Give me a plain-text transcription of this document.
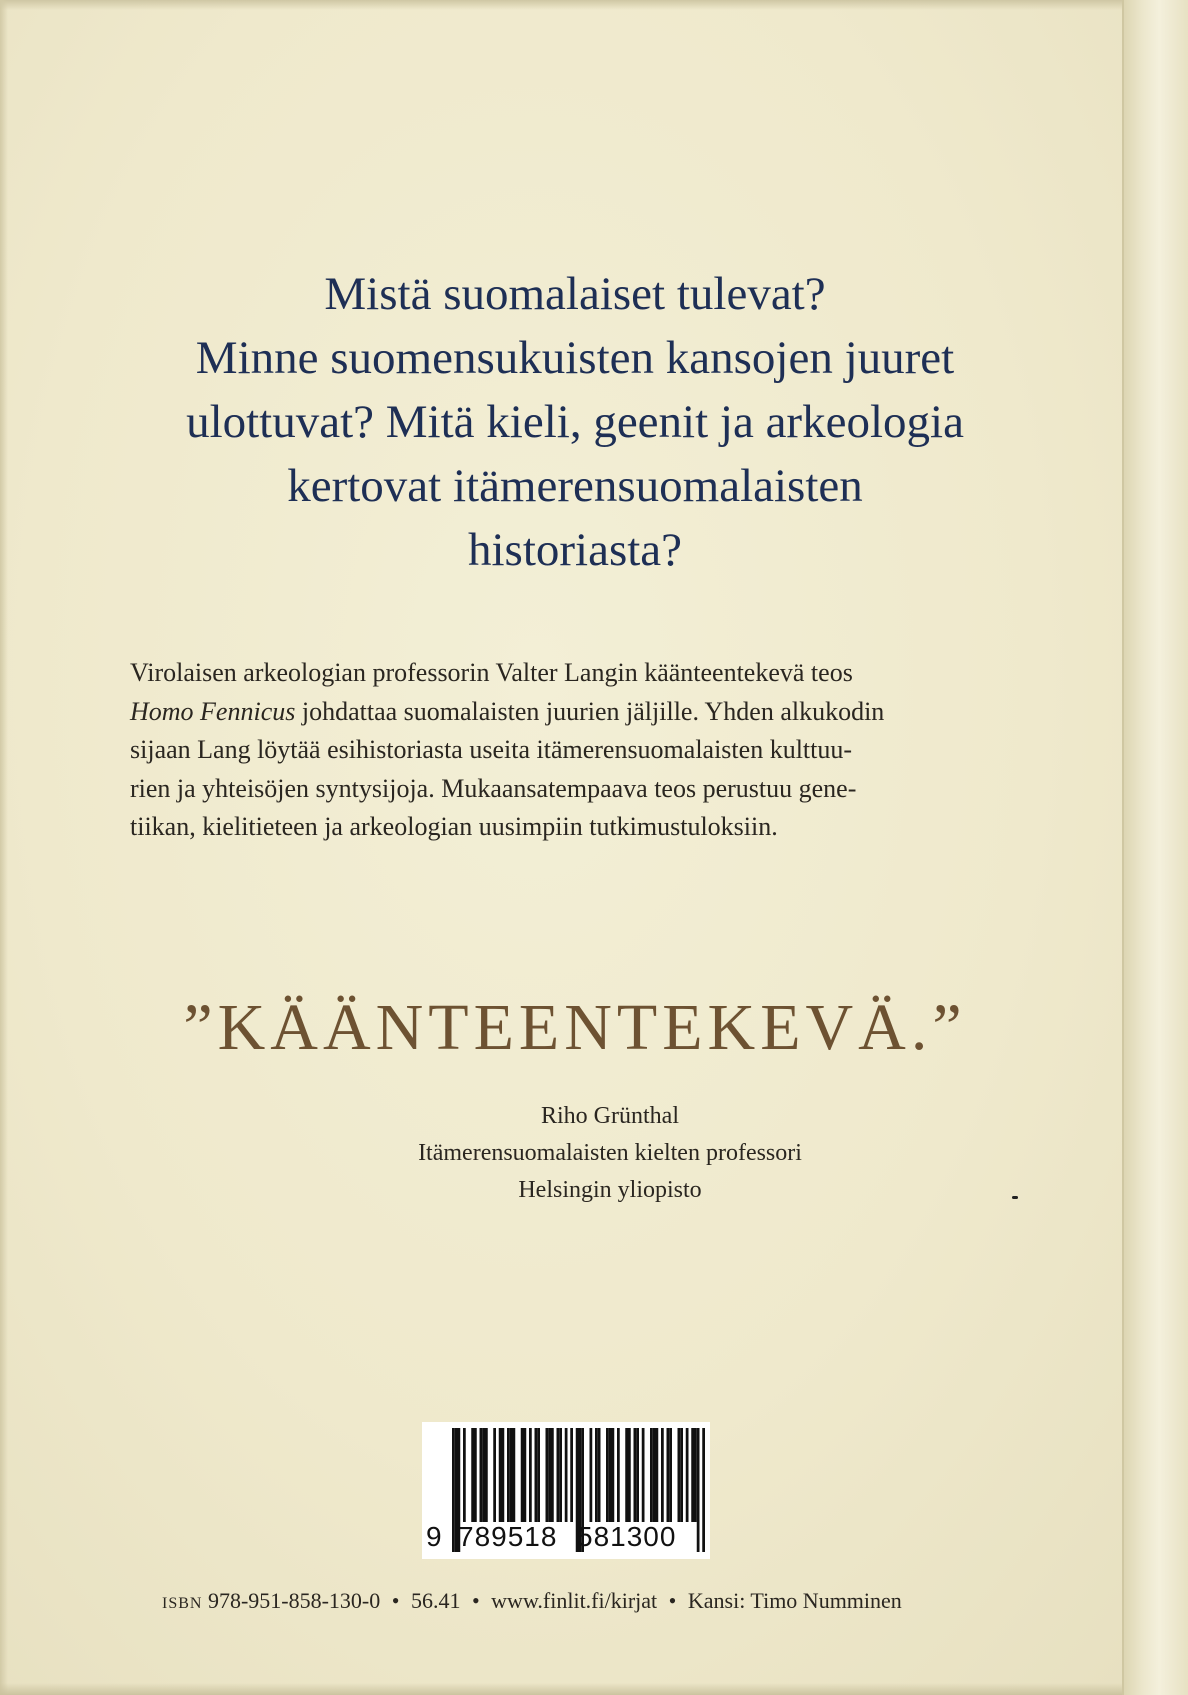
Mistä suomalaiset tulevat?
Minne suomensukuisten kansojen juuret
ulottuvat? Mitä kieli, geenit ja arkeologia
kertovat itämerensuomalaisten
historiasta?
Virolaisen arkeologian professorin Valter Langin käänteentekevä teos
Homo Fennicus johdattaa suomalaisten juurien jäljille. Yhden alkukodin
sijaan Lang löytää esihistoriasta useita itämerensuomalaisten kulttuu-
rien ja yhteisöjen syntysijoja. Mukaansatempaava teos perustuu gene-
tiikan, kielitieteen ja arkeologian uusimpiin tutkimustuloksiin.
”KÄÄNTEENTEKEVÄ.”
Riho Grünthal
Itämerensuomalaisten kielten professori
Helsingin yliopisto
9 789518 581300
ISBN 978-951-858-130-0 • 56.41 • www.finlit.fi/kirjat • Kansi: Timo Numminen
